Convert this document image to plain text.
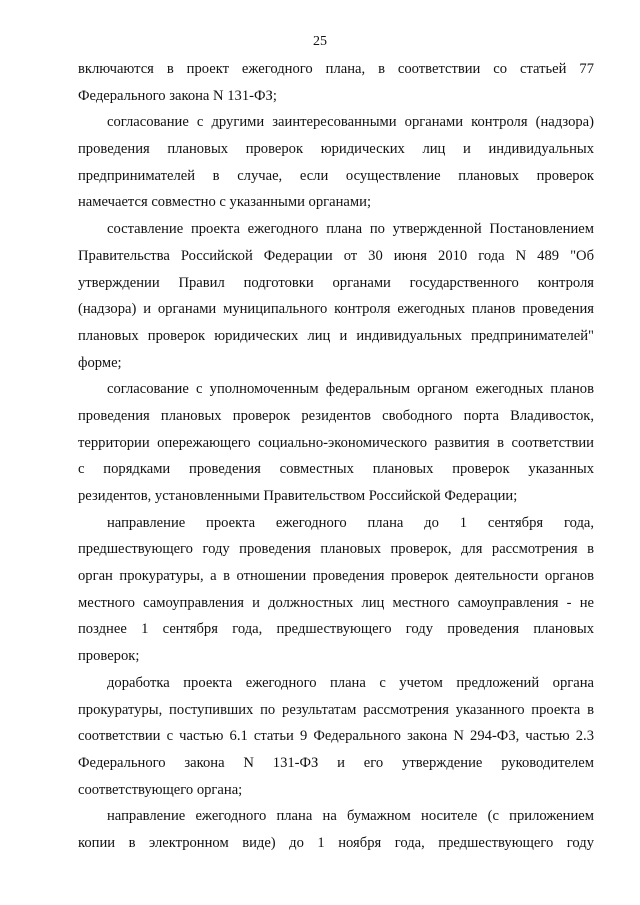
25
включаются в проект ежегодного плана, в соответствии со статьей 77
Федерального закона N 131-ФЗ;
согласование с другими заинтересованными органами контроля (надзора)
проведения плановых проверок юридических лиц и индивидуальных
предпринимателей в случае, если осуществление плановых проверок
намечается совместно с указанными органами;
составление проекта ежегодного плана по утвержденной Постановлением
Правительства Российской Федерации от 30 июня 2010 года N 489 "Об
утверждении Правил подготовки органами государственного контроля
(надзора) и органами муниципального контроля ежегодных планов проведения
плановых проверок юридических лиц и индивидуальных предпринимателей"
форме;
согласование с уполномоченным федеральным органом ежегодных планов
проведения плановых проверок резидентов свободного порта Владивосток,
территории опережающего социально-экономического развития в соответствии
с порядками проведения совместных плановых проверок указанных
резидентов, установленными Правительством Российской Федерации;
направление проекта ежегодного плана до 1 сентября года,
предшествующего году проведения плановых проверок, для рассмотрения в
орган прокуратуры, а в отношении проведения проверок деятельности органов
местного самоуправления и должностных лиц местного самоуправления - не
позднее 1 сентября года, предшествующего году проведения плановых
проверок;
доработка проекта ежегодного плана с учетом предложений органа
прокуратуры, поступивших по результатам рассмотрения указанного проекта в
соответствии с частью 6.1 статьи 9 Федерального закона N 294-ФЗ, частью 2.3
Федерального закона N 131-ФЗ и его утверждение руководителем
соответствующего органа;
направление ежегодного плана на бумажном носителе (с приложением
копии в электронном виде) до 1 ноября года, предшествующего году
